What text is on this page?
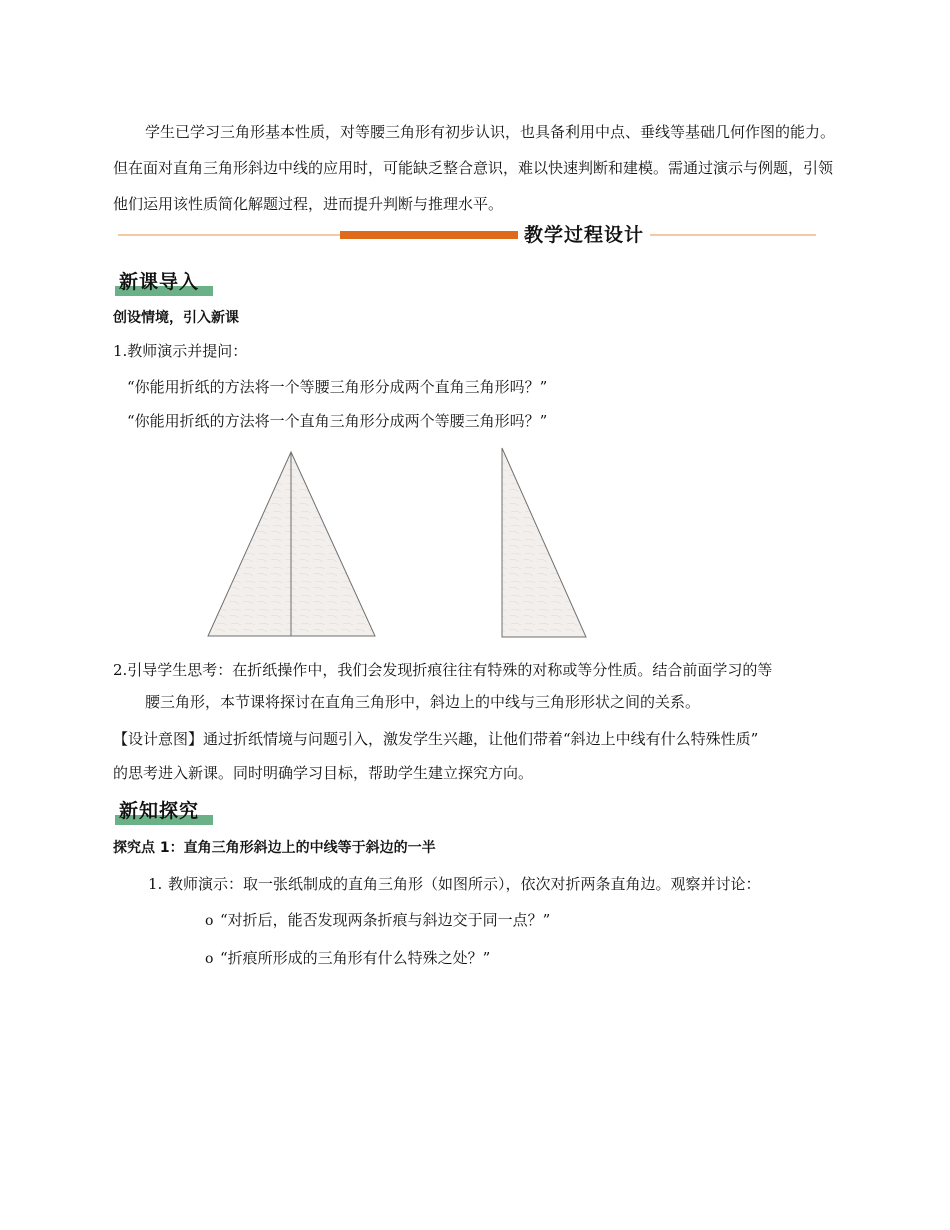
学生已学习三角形基本性质，对等腰三角形有初步认识，也具备利用中点、垂线等基础几何作图的能力。但在面对直角三角形斜边中线的应用时，可能缺乏整合意识，难以快速判断和建模。需通过演示与例题，引领他们运用该性质简化解题过程，进而提升判断与推理水平。
教学过程设计
新课导入
创设情境，引入新课
1.教师演示并提问：
“你能用折纸的方法将一个等腰三角形分成两个直角三角形吗？”
“你能用折纸的方法将一个直角三角形分成两个等腰三角形吗？”
2.引导学生思考：在折纸操作中，我们会发现折痕往往有特殊的对称或等分性质。结合前面学习的等
腰三角形，本节课将探讨在直角三角形中，斜边上的中线与三角形形状之间的关系。
【设计意图】通过折纸情境与问题引入，激发学生兴趣，让他们带着“斜边上中线有什么特殊性质”
的思考进入新课。同时明确学习目标，帮助学生建立探究方向。
新知探究
探究点 1：直角三角形斜边上的中线等于斜边的一半
1. 教师演示：取一张纸制成的直角三角形（如图所示），依次对折两条直角边。观察并讨论：
o “对折后，能否发现两条折痕与斜边交于同一点？”
o “折痕所形成的三角形有什么特殊之处？”
